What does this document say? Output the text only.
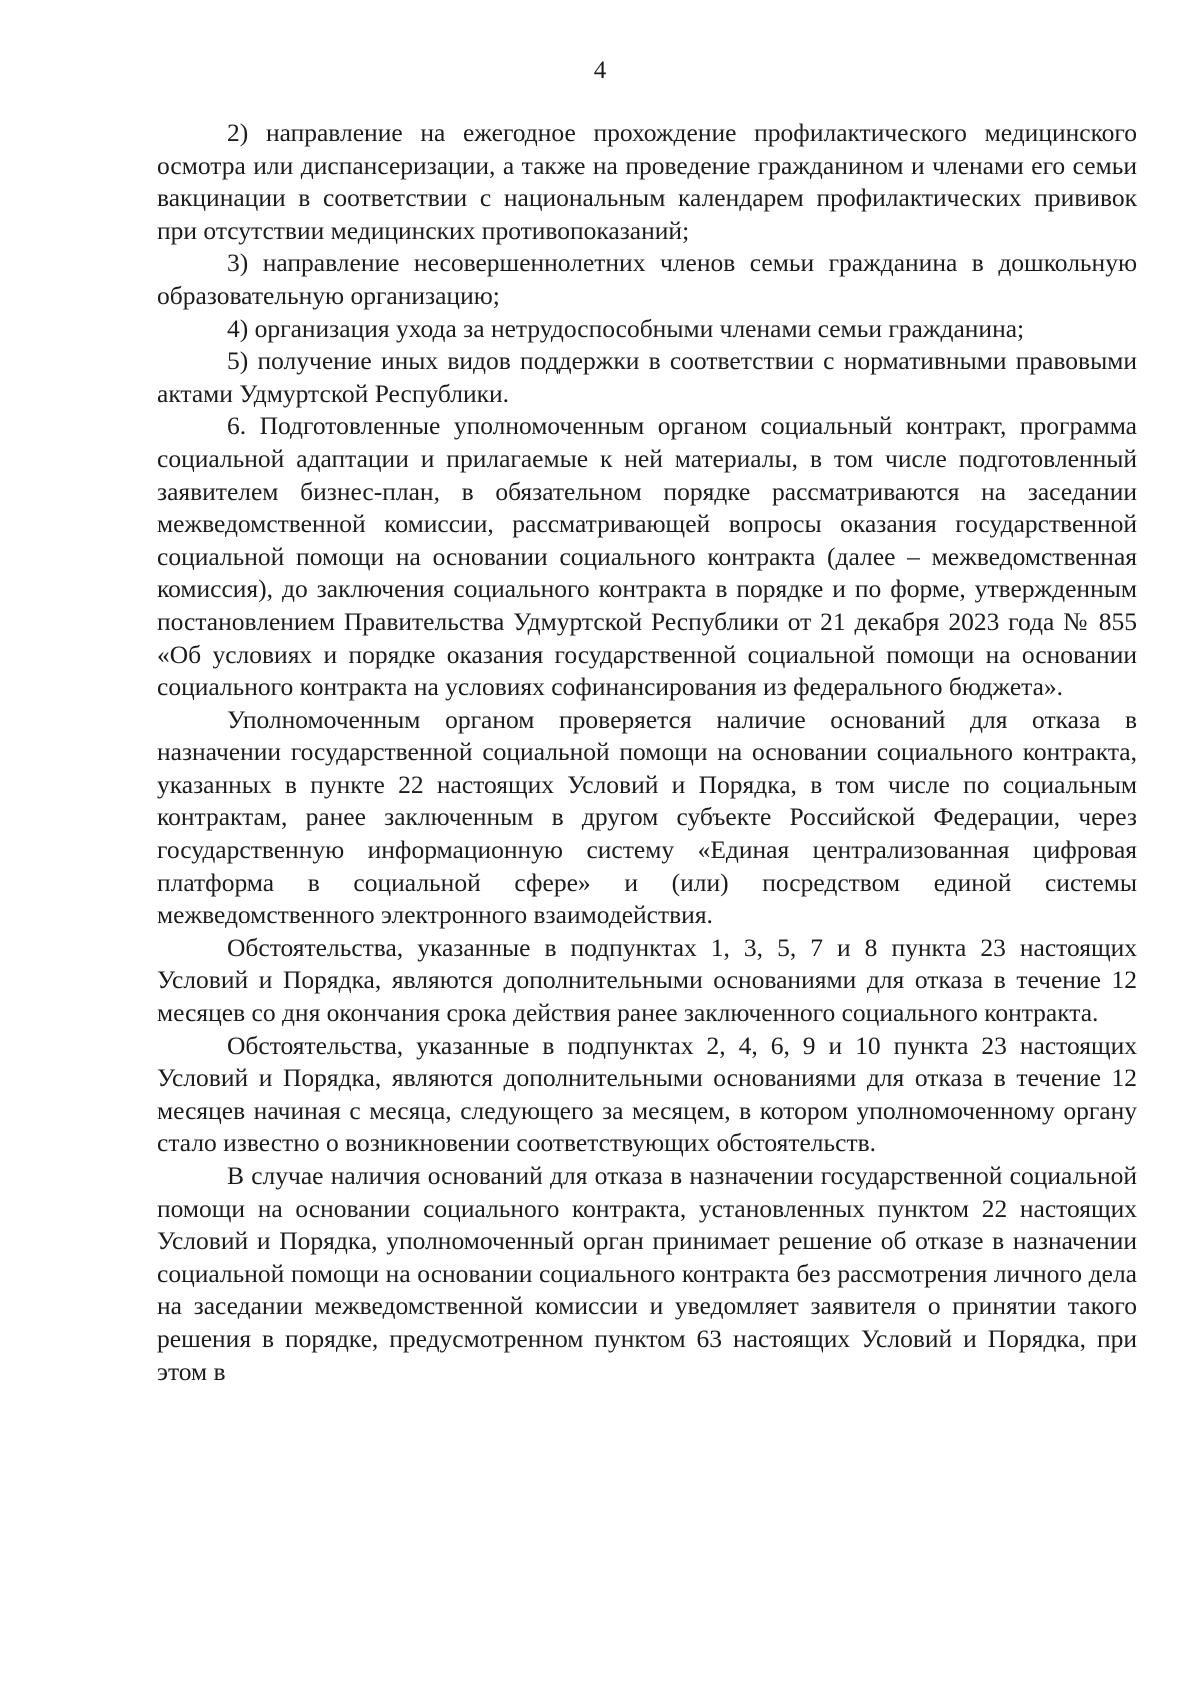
4

2) направление на ежегодное прохождение профилактического медицинского осмотра или диспансеризации, а также на проведение гражданином и членами его семьи вакцинации в соответствии с национальным календарем профилактических прививок при отсутствии медицинских противопоказаний;

3) направление несовершеннолетних членов семьи гражданина в дошкольную образовательную организацию;

4) организация ухода за нетрудоспособными членами семьи гражданина;

5) получение иных видов поддержки в соответствии с нормативными правовыми актами Удмуртской Республики.

6. Подготовленные уполномоченным органом социальный контракт, программа социальной адаптации и прилагаемые к ней материалы, в том числе подготовленный заявителем бизнес-план, в обязательном порядке рассматриваются на заседании межведомственной комиссии, рассматривающей вопросы оказания государственной социальной помощи на основании социального контракта (далее – межведомственная комиссия), до заключения социального контракта в порядке и по форме, утвержденным постановлением Правительства Удмуртской Республики от 21 декабря 2023 года № 855 «Об условиях и порядке оказания государственной социальной помощи на основании социального контракта на условиях софинансирования из федерального бюджета».

Уполномоченным органом проверяется наличие оснований для отказа в назначении государственной социальной помощи на основании социального контракта, указанных в пункте 22 настоящих Условий и Порядка, в том числе по социальным контрактам, ранее заключенным в другом субъекте Российской Федерации, через государственную информационную систему «Единая централизованная цифровая платформа в социальной сфере» и (или) посредством единой системы межведомственного электронного взаимодействия.

Обстоятельства, указанные в подпунктах 1, 3, 5, 7 и 8 пункта 23 настоящих Условий и Порядка, являются дополнительными основаниями для отказа в течение 12 месяцев со дня окончания срока действия ранее заключенного социального контракта.

Обстоятельства, указанные в подпунктах 2, 4, 6, 9 и 10 пункта 23 настоящих Условий и Порядка, являются дополнительными основаниями для отказа в течение 12 месяцев начиная с месяца, следующего за месяцем, в котором уполномоченному органу стало известно о возникновении соответствующих обстоятельств.

В случае наличия оснований для отказа в назначении государственной социальной помощи на основании социального контракта, установленных пунктом 22 настоящих Условий и Порядка, уполномоченный орган принимает решение об отказе в назначении социальной помощи на основании социального контракта без рассмотрения личного дела на заседании межведомственной комиссии и уведомляет заявителя о принятии такого решения в порядке, предусмотренном пунктом 63 настоящих Условий и Порядка, при этом в
